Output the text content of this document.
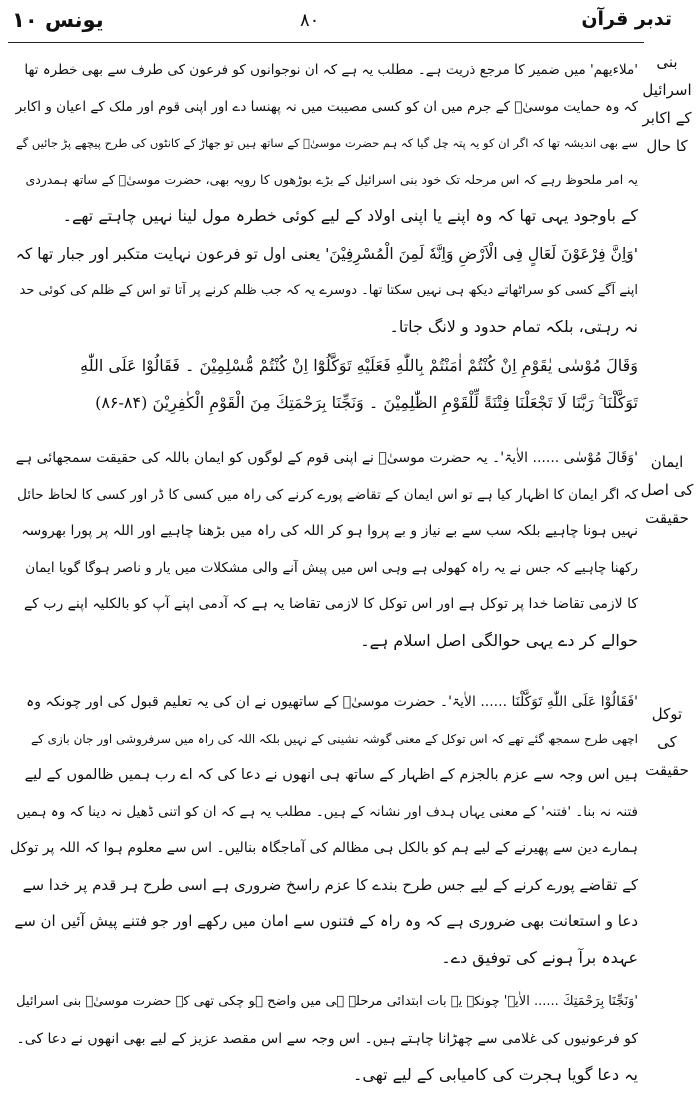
یونس ۱۰	۸۰	تدبر قرآن
بنی اسرائیل کے اکابر کا حال
ایمان کی اصل حقیقت
توکل کی حقیقت
'ملاءیھم' میں ضمیر کا مرجع ذریت ہے۔ مطلب یہ ہے کہ ان نوجوانوں کو فرعون کی طرف سے بھی خطرہ تھا
کہ وہ حمایت موسیٰؑ کے جرم میں ان کو کسی مصیبت میں نہ پھنسا دے اور اپنی قوم اور ملک کے اعیان و اکابر
سے بھی اندیشہ تھا کہ اگر ان کو یہ پتہ چل گیا کہ ہم حضرت موسیٰؑ کے ساتھ ہیں تو جھاڑ کے کانٹوں کی طرح پیچھے پڑ جائیں گے
یہ امر ملحوظ رہے کہ اس مرحلہ تک خود بنی اسرائیل کے بڑے بوڑھوں کا رویہ بھی، حضرت موسیٰؑ کے ساتھ ہمدردی
کے باوجود یہی تھا کہ وہ اپنے یا اپنی اولاد کے لیے کوئی خطرہ مول لینا نہیں چاہتے تھے۔
'وَاِنَّ فِرْعَوْنَ لَعَالٍ فِی الْاَرْضِ وَاِنَّهٗ لَمِنَ الْمُسْرِفِیْنَ' یعنی اول تو فرعون نہایت متکبر اور جبار تھا کہ
اپنے آگے کسی کو سراٹھاتے دیکھ ہی نہیں سکتا تھا۔ دوسرے یہ کہ جب ظلم کرنے پر آتا تو اس کے ظلم کی کوئی حد
نہ رہتی، بلکہ تمام حدود و لانگ جاتا۔
وَقَالَ مُوْسٰی یٰقَوْمِ اِنْ كُنْتُمْ اٰمَنْتُمْ بِاللّٰهِ فَعَلَیْهِ تَوَكَّلُوْٓا اِنْ كُنْتُمْ مُّسْلِمِیْنَ ۔ فَقَالُوْا عَلَی اللّٰهِ
تَوَكَّلْنَا ۚ رَبَّنَا لَا تَجْعَلْنَا فِتْنَةً لِّلْقَوْمِ الظّٰلِمِیْنَ ۔ وَنَجِّنَا بِرَحْمَتِكَ مِنَ الْقَوْمِ الْكٰفِرِیْنَ (۸۴-۸۶)
'وَقَالَ مُوْسٰی ...... الاٰیۃ'۔ یہ حضرت موسیٰؑ نے اپنی قوم کے لوگوں کو ایمان باللہ کی حقیقت سمجھائی ہے
کہ اگر ایمان کا اظہار کیا ہے تو اس ایمان کے تقاضے پورے کرنے کی راہ میں کسی کا ڈر اور کسی کا لحاظ حائل
نہیں ہونا چاہیے بلکہ سب سے بے نیاز و بے پروا ہو کر اللہ کی راہ میں بڑھنا چاہیے اور اللہ پر پورا بھروسہ
رکھنا چاہیے کہ جس نے یہ راہ کھولی ہے وہی اس میں پیش آنے والی مشکلات میں یار و ناصر ہوگا گویا ایمان
کا لازمی تقاضا خدا پر توکل ہے اور اس توکل کا لازمی تقاضا یہ ہے کہ آدمی اپنے آپ کو بالکلیہ اپنے رب کے
حوالے کر دے یہی حوالگی اصل اسلام ہے۔
'فَقَالُوْا عَلَی اللّٰهِ تَوَكَّلْنَا ...... الاٰیۃ'۔ حضرت موسیٰؑ کے ساتھیوں نے ان کی یہ تعلیم قبول کی اور چونکہ وہ
اچھی طرح سمجھ گئے تھے کہ اس توکل کے معنی گوشہ نشینی کے نہیں بلکہ اللہ کی راہ میں سرفروشی اور جان بازی کے
ہیں اس وجہ سے عزم بالجزم کے اظہار کے ساتھ ہی انھوں نے دعا کی کہ اے رب ہمیں ظالموں کے لیے
فتنہ نہ بنا۔ 'فتنہ' کے معنی یہاں ہدف اور نشانہ کے ہیں۔ مطلب یہ ہے کہ ان کو اتنی ڈھیل نہ دینا کہ وہ ہمیں
ہمارے دین سے پھیرنے کے لیے ہم کو بالکل ہی مظالم کی آماجگاہ بنالیں۔ اس سے معلوم ہوا کہ اللہ پر توکل
کے تقاضے پورے کرنے کے لیے جس طرح بندے کا عزم راسخ ضروری ہے اسی طرح ہر قدم پر خدا سے
دعا و استعانت بھی ضروری ہے کہ وہ راہ کے فتنوں سے امان میں رکھے اور جو فتنے پیش آئیں ان سے
عہدہ برآ ہونے کی توفیق دے۔
'وَنَجِّنَا بِرَحْمَتِكَ ...... الاٰیۃ' چونکہ یہ بات ابتدائی مرحلے ہی میں واضح ہو چکی تھی کہ حضرت موسیٰؑ بنی اسرائیل
کو فرعونیوں کی غلامی سے چھڑانا چاہتے ہیں۔ اس وجہ سے اس مقصد عزیز کے لیے بھی انھوں نے دعا کی۔
یہ دعا گویا ہجرت کی کامیابی کے لیے تھی۔
